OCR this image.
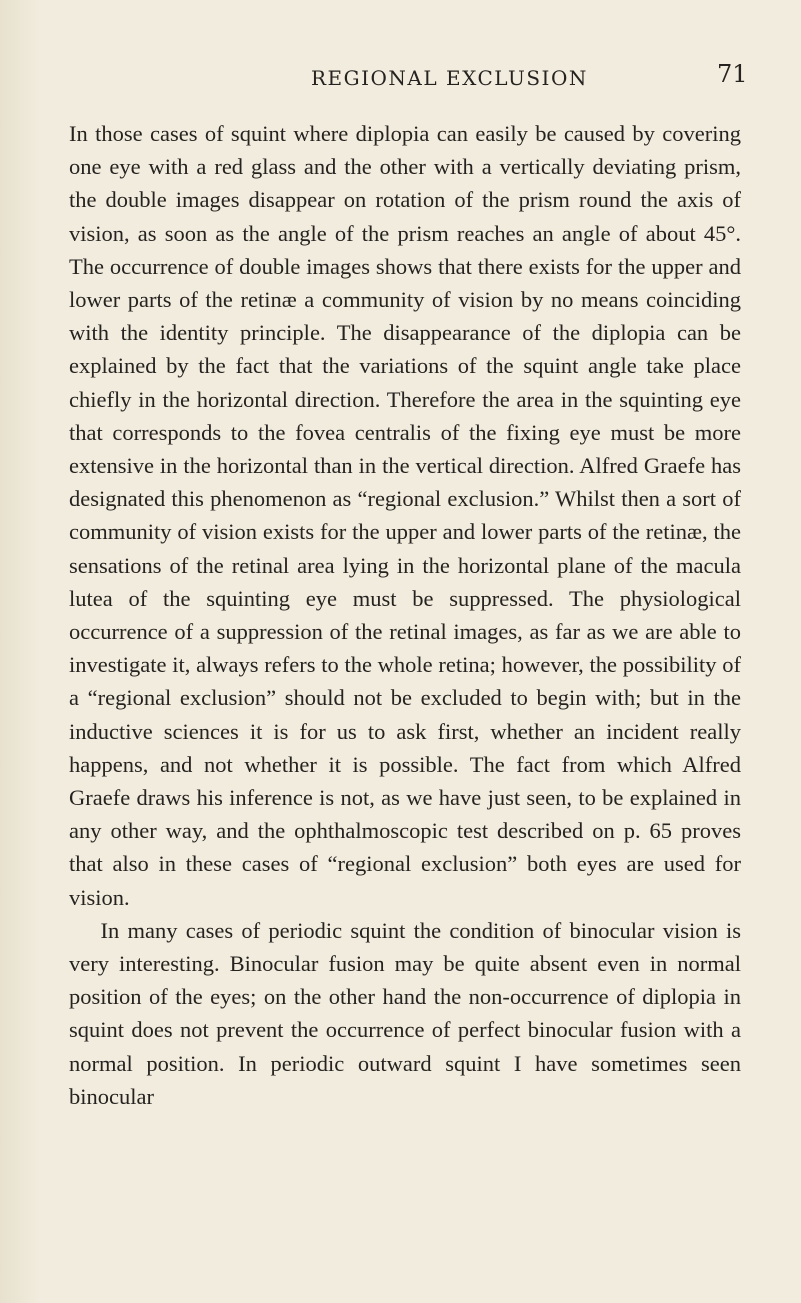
REGIONAL EXCLUSION	71

In those cases of squint where diplopia can easily be caused by covering one eye with a red glass and the other with a vertically deviating prism, the double images disappear on rotation of the prism round the axis of vision, as soon as the angle of the prism reaches an angle of about 45°. The occurrence of double images shows that there exists for the upper and lower parts of the retinæ a community of vision by no means coinciding with the identity principle. The disappearance of the diplopia can be explained by the fact that the variations of the squint angle take place chiefly in the horizontal direction. Therefore the area in the squinting eye that corresponds to the fovea centralis of the fixing eye must be more extensive in the horizontal than in the vertical direction. Alfred Graefe has designated this phenomenon as “regional exclusion.” Whilst then a sort of community of vision exists for the upper and lower parts of the retinæ, the sensations of the retinal area lying in the horizontal plane of the macula lutea of the squinting eye must be suppressed. The physiological occurrence of a suppression of the retinal images, as far as we are able to investigate it, always refers to the whole retina; however, the possibility of a “regional exclusion” should not be excluded to begin with; but in the inductive sciences it is for us to ask first, whether an incident really happens, and not whether it is possible. The fact from which Alfred Graefe draws his inference is not, as we have just seen, to be explained in any other way, and the ophthalmoscopic test described on p. 65 proves that also in these cases of “regional exclusion” both eyes are used for vision.

In many cases of periodic squint the condition of binocular vision is very interesting. Binocular fusion may be quite absent even in normal position of the eyes; on the other hand the non-occurrence of diplopia in squint does not prevent the occurrence of perfect binocular fusion with a normal position. In periodic outward squint I have sometimes seen binocular
